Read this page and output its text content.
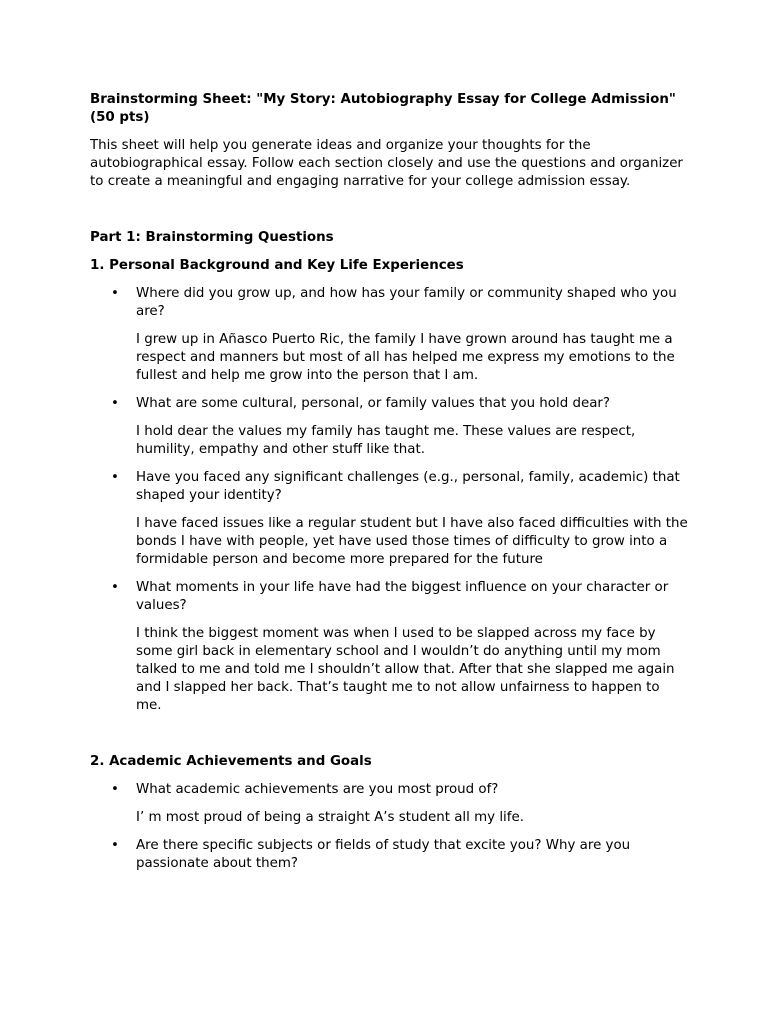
Brainstorming Sheet: "My Story: Autobiography Essay for College Admission" (50 pts)

This sheet will help you generate ideas and organize your thoughts for the autobiographical essay. Follow each section closely and use the questions and organizer to create a meaningful and engaging narrative for your college admission essay.

Part 1: Brainstorming Questions

1. Personal Background and Key Life Experiences

• Where did you grow up, and how has your family or community shaped who you are?

I grew up in Añasco Puerto Ric, the family I have grown around has taught me a respect and manners but most of all has helped me express my emotions to the fullest and help me grow into the person that I am.

• What are some cultural, personal, or family values that you hold dear?

I hold dear the values my family has taught me. These values are respect, humility, empathy and other stuff like that.

• Have you faced any significant challenges (e.g., personal, family, academic) that shaped your identity?

I have faced issues like a regular student but I have also faced difficulties with the bonds I have with people, yet have used those times of difficulty to grow into a formidable person and become more prepared for the future

• What moments in your life have had the biggest influence on your character or values?

I think the biggest moment was when I used to be slapped across my face by some girl back in elementary school and I wouldn’t do anything until my mom talked to me and told me I shouldn’t allow that. After that she slapped me again and I slapped her back. That’s taught me to not allow unfairness to happen to me.

2. Academic Achievements and Goals

• What academic achievements are you most proud of?

I’ m most proud of being a straight A’s student all my life.

• Are there specific subjects or fields of study that excite you? Why are you passionate about them?
